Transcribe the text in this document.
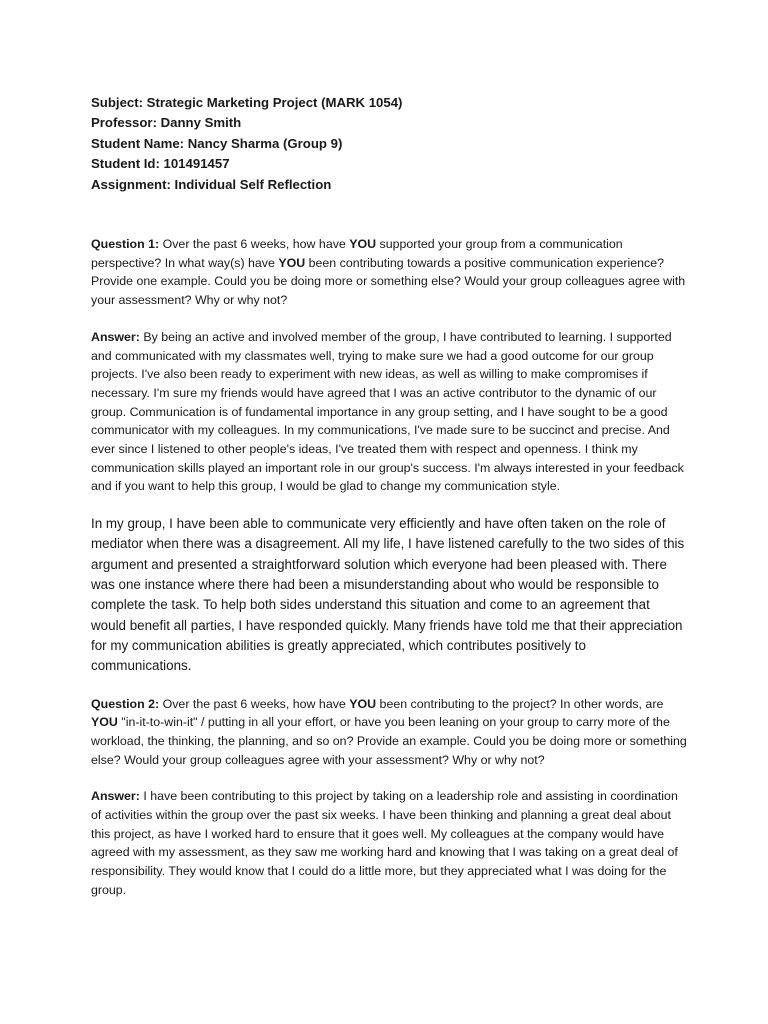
Subject: Strategic Marketing Project (MARK 1054)
Professor: Danny Smith
Student Name: Nancy Sharma (Group 9)
Student Id: 101491457
Assignment: Individual Self Reflection

Question 1: Over the past 6 weeks, how have YOU supported your group from a communication perspective? In what way(s) have YOU been contributing towards a positive communication experience? Provide one example. Could you be doing more or something else? Would your group colleagues agree with your assessment? Why or why not?

Answer: By being an active and involved member of the group, I have contributed to learning. I supported and communicated with my classmates well, trying to make sure we had a good outcome for our group projects. I've also been ready to experiment with new ideas, as well as willing to make compromises if necessary. I'm sure my friends would have agreed that I was an active contributor to the dynamic of our group. Communication is of fundamental importance in any group setting, and I have sought to be a good communicator with my colleagues. In my communications, I've made sure to be succinct and precise. And ever since I listened to other people's ideas, I've treated them with respect and openness. I think my communication skills played an important role in our group's success. I'm always interested in your feedback and if you want to help this group, I would be glad to change my communication style.

In my group, I have been able to communicate very efficiently and have often taken on the role of mediator when there was a disagreement. All my life, I have listened carefully to the two sides of this argument and presented a straightforward solution which everyone had been pleased with. There was one instance where there had been a misunderstanding about who would be responsible to complete the task. To help both sides understand this situation and come to an agreement that would benefit all parties, I have responded quickly. Many friends have told me that their appreciation for my communication abilities is greatly appreciated, which contributes positively to communications.

Question 2: Over the past 6 weeks, how have YOU been contributing to the project? In other words, are YOU "in-it-to-win-it" / putting in all your effort, or have you been leaning on your group to carry more of the workload, the thinking, the planning, and so on? Provide an example. Could you be doing more or something else? Would your group colleagues agree with your assessment? Why or why not?

Answer: I have been contributing to this project by taking on a leadership role and assisting in coordination of activities within the group over the past six weeks. I have been thinking and planning a great deal about this project, as have I worked hard to ensure that it goes well. My colleagues at the company would have agreed with my assessment, as they saw me working hard and knowing that I was taking on a great deal of responsibility. They would know that I could do a little more, but they appreciated what I was doing for the group.
